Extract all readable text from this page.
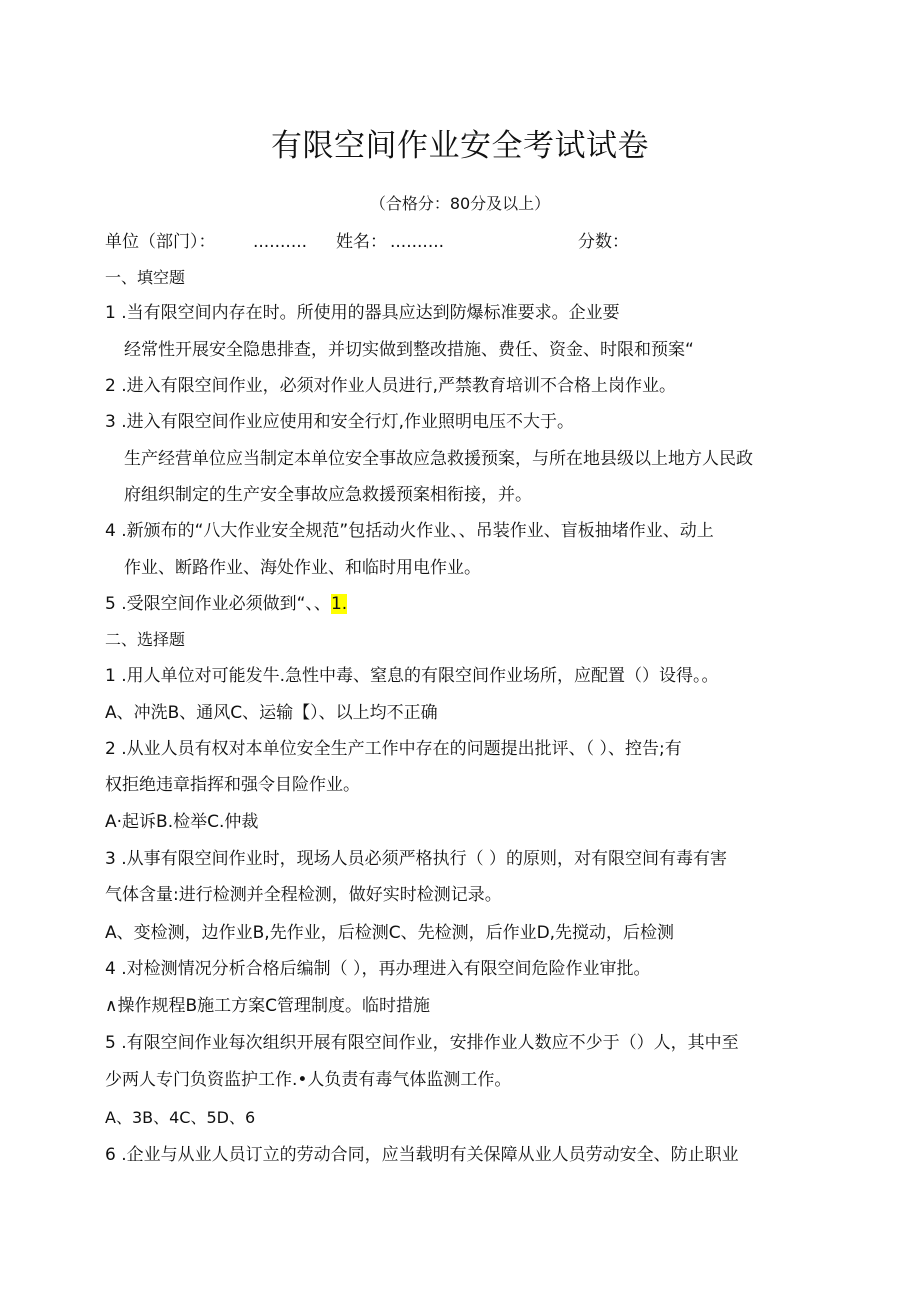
有限空间作业安全考试试卷
（合格分：80分及以上）
单位（部门）： .......... 姓名： ..........	分数：
一、填空题
1 .当有限空间内存在时。所使用的器具应达到防爆标准要求。企业要
经常性开展安全隐患排查，并切实做到整改措施、费任、资金、时限和预案“
2 .进入有限空间作业，必须对作业人员进行,严禁教育培训不合格上岗作业。
3 .进入有限空间作业应使用和安全行灯,作业照明电压不大于。
生产经营单位应当制定本单位安全事故应急救援预案，与所在地县级以上地方人民政
府组织制定的生产安全事故应急救援预案相衔接，并。
4 .新颁布的“八大作业安全规范”包括动火作业、、吊装作业、盲板抽堵作业、动上
作业、断路作业、海处作业、和临时用电作业。
5 .受限空间作业必须做到“、、1.
二、选择题
1 .用人单位对可能发牛.急性中毒、窒息的有限空间作业场所，应配置（）设得。。
A、冲洗B、通风C、运输【）、以上均不正确
2 .从业人员有权对本单位安全生产工作中存在的问题提出批评、（ ）、控告;有
权拒绝违章指挥和强令目险作业。
A·起诉B.检举C.仲裁
3 .从事有限空间作业时，现场人员必须严格执行（ ）的原则，对有限空间有毒有害
气体含量:进行检测并全程检测，做好实时检测记录。
A、变检测，边作业B,先作业，后检测C、先检测，后作业D,先搅动，后检测
4 .对检测情况分析合格后编制（ ），再办理进入有限空间危险作业审批。
∧操作规程B施工方案C管理制度。临时措施
5 .有限空间作业每次组织开展有限空间作业，安排作业人数应不少于（）人，其中至
少两人专门负资监护工作.•人负责有毒气体监测工作。
A、3B、4C、5D、6
6 .企业与从业人员订立的劳动合同，应当载明有关保障从业人员劳动安全、防止职业
